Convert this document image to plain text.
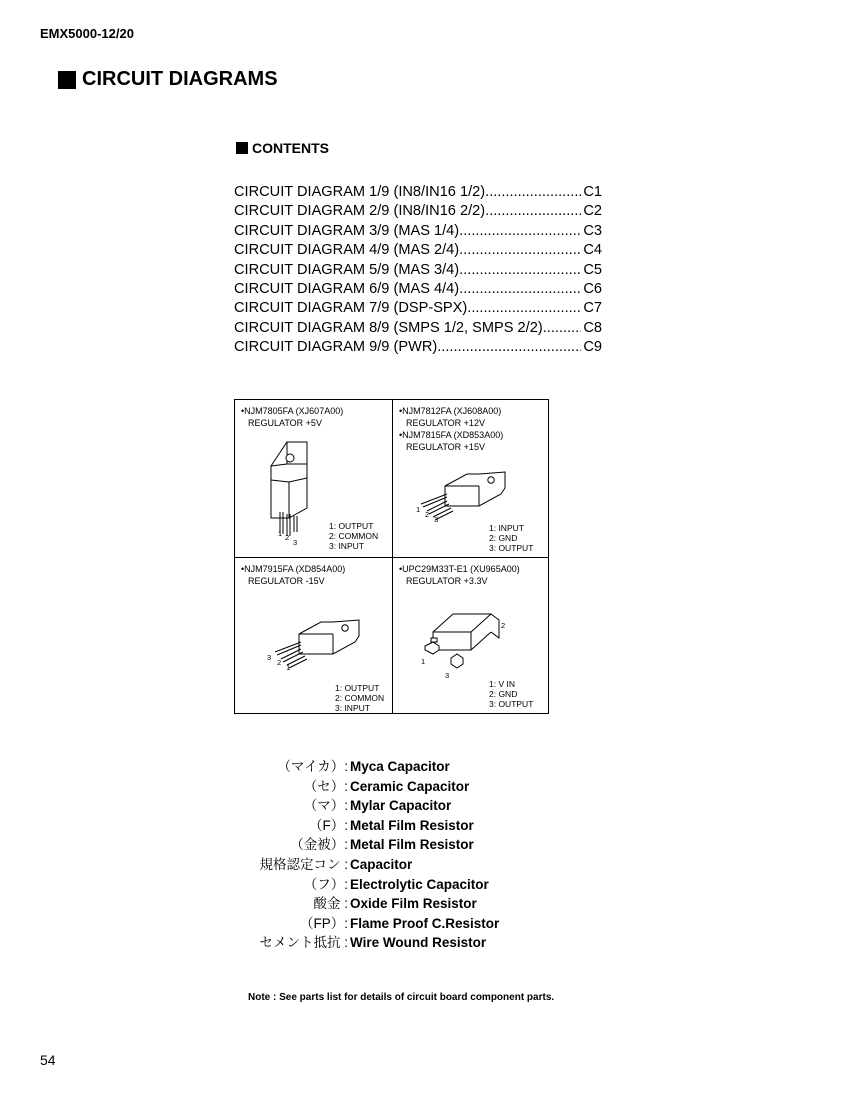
EMX5000-12/20
CIRCUIT DIAGRAMS
CONTENTS
CIRCUIT DIAGRAM 1/9 (IN8/IN16 1/2) .....	C1
CIRCUIT DIAGRAM 2/9 (IN8/IN16 2/2) .....	C2
CIRCUIT DIAGRAM 3/9 (MAS 1/4) .....	C3
CIRCUIT DIAGRAM 4/9 (MAS 2/4) .....	C4
CIRCUIT DIAGRAM 5/9 (MAS 3/4) .....	C5
CIRCUIT DIAGRAM 6/9 (MAS 4/4) .....	C6
CIRCUIT DIAGRAM 7/9 (DSP-SPX) .....	C7
CIRCUIT DIAGRAM 8/9 (SMPS 1/2, SMPS 2/2) .....	C8
CIRCUIT DIAGRAM 9/9 (PWR) .....	C9
•NJM7805FA (XJ607A00)
REGULATOR +5V
1 2
3
1: OUTPUT
2: COMMON
3: INPUT
•NJM7812FA (XJ608A00)
REGULATOR +12V
•NJM7815FA (XD853A00)
REGULATOR +15V
1
2
3
1: INPUT
2: GND
3: OUTPUT
•NJM7915FA (XD854A00)
REGULATOR -15V
3
2
1
1: OUTPUT
2: COMMON
3: INPUT
•UPC29M33T-E1 (XU965A00)
REGULATOR +3.3V
2
1
3
1: V IN
2: GND
3: OUTPUT
（マイカ）: Myca Capacitor
（セ）: Ceramic Capacitor
（マ）: Mylar Capacitor
（F）: Metal Film Resistor
（金被）: Metal Film Resistor
規格認定コン : Capacitor
（フ）: Electrolytic Capacitor
酸金 : Oxide Film Resistor
（FP）: Flame Proof C.Resistor
セメント抵抗 : Wire Wound Resistor
Note : See parts list for details of circuit board component parts.
54
